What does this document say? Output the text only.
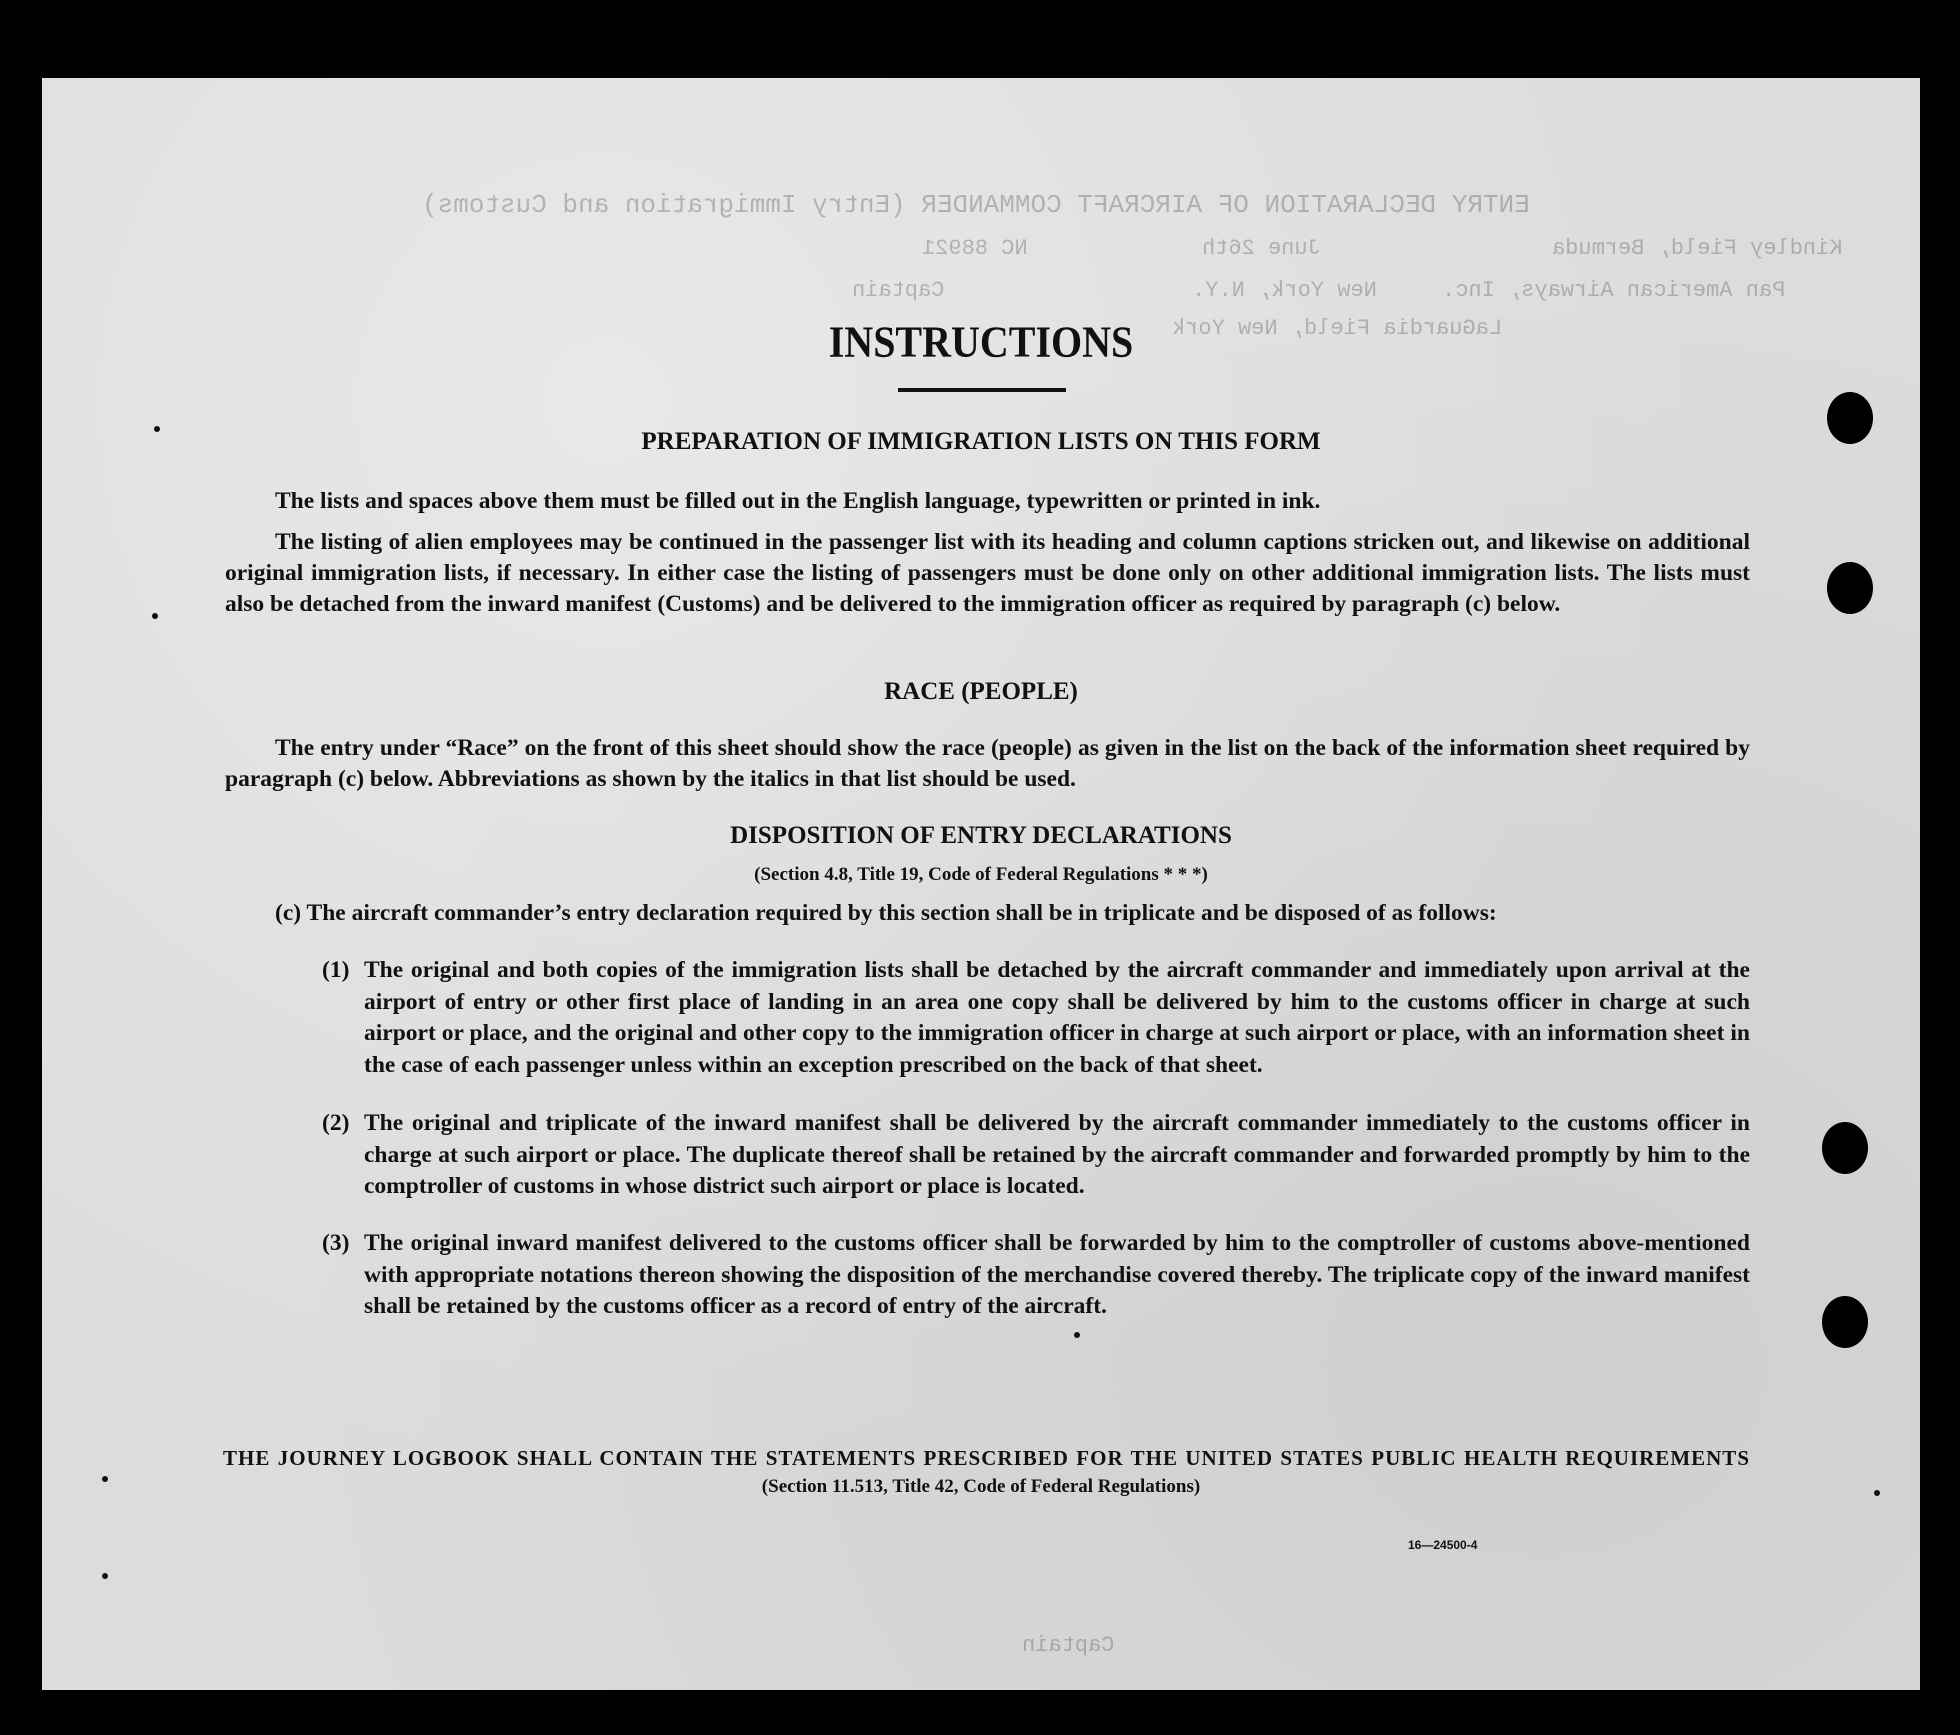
ENTRY DECLARATION OF AIRCRAFT COMMANDER (Entry Immigration and Customs)
Kindley Field, Bermuda
June 26th
NC 88921
Pan American Airways, Inc.
New York, N.Y.
Captain
LaGuardia Field, New York
Captain
INSTRUCTIONS
PREPARATION OF IMMIGRATION LISTS ON THIS FORM
The lists and spaces above them must be filled out in the English language, typewritten or printed in ink.
The listing of alien employees may be continued in the passenger list with its heading and column captions stricken out, and likewise on additional original immigration lists, if necessary. In either case the listing of passengers must be done only on other additional immigration lists. The lists must also be detached from the inward manifest (Customs) and be delivered to the immigration officer as required by paragraph (c) below.
RACE (PEOPLE)
The entry under “Race” on the front of this sheet should show the race (people) as given in the list on the back of the information sheet required by paragraph (c) below. Abbreviations as shown by the italics in that list should be used.
DISPOSITION OF ENTRY DECLARATIONS
(Section 4.8, Title 19, Code of Federal Regulations * * *)
(c) The aircraft commander’s entry declaration required by this section shall be in triplicate and be disposed of as follows:
(1) The original and both copies of the immigration lists shall be detached by the aircraft commander and immediately upon arrival at the airport of entry or other first place of landing in an area one copy shall be delivered by him to the customs officer in charge at such airport or place, and the original and other copy to the immigration officer in charge at such airport or place, with an information sheet in the case of each passenger unless within an exception prescribed on the back of that sheet.
(2) The original and triplicate of the inward manifest shall be delivered by the aircraft commander immediately to the customs officer in charge at such airport or place. The duplicate thereof shall be retained by the aircraft commander and forwarded promptly by him to the comptroller of customs in whose district such airport or place is located.
(3) The original inward manifest delivered to the customs officer shall be forwarded by him to the comptroller of customs above-mentioned with appropriate notations thereon showing the disposition of the merchandise covered thereby. The triplicate copy of the inward manifest shall be retained by the customs officer as a record of entry of the aircraft.
THE JOURNEY LOGBOOK SHALL CONTAIN THE STATEMENTS PRESCRIBED FOR THE UNITED STATES PUBLIC HEALTH REQUIREMENTS
(Section 11.513, Title 42, Code of Federal Regulations)
16—24500-4
